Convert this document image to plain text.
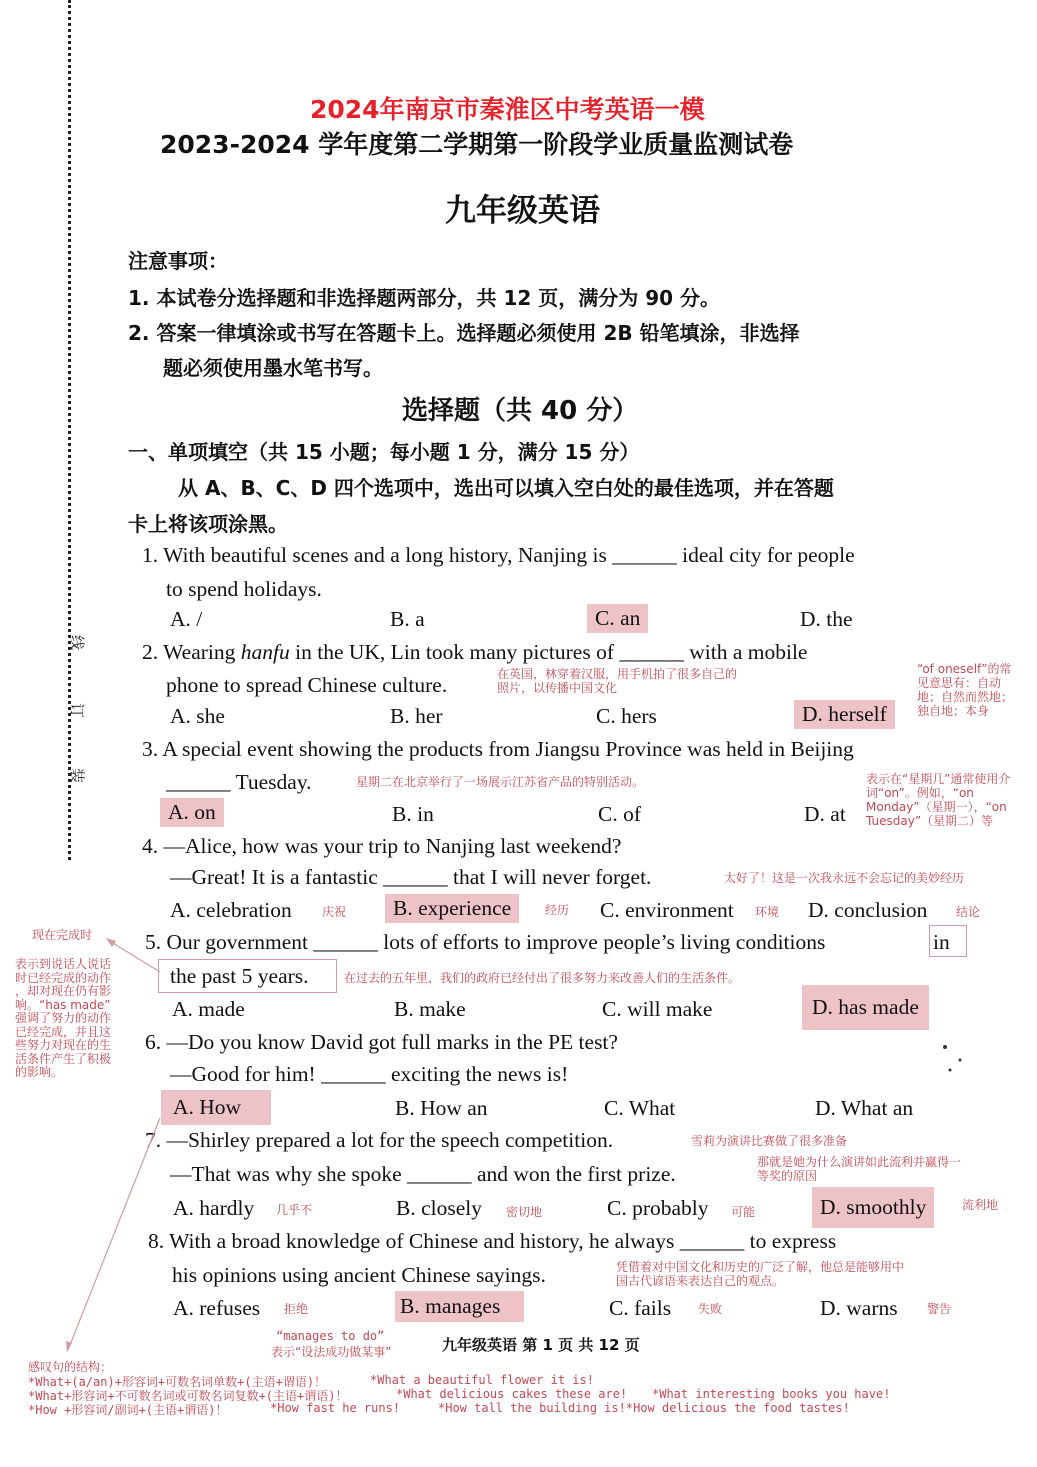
线
订
装
2024年南京市秦淮区中考英语一模
2023-2024 学年度第二学期第一阶段学业质量监测试卷
九年级英语
注意事项：
1. 本试卷分选择题和非选择题两部分，共 12 页，满分为 90 分。
2. 答案一律填涂或书写在答题卡上。选择题必须使用 2B 铅笔填涂，非选择
题必须使用墨水笔书写。
选择题（共 40 分）
一、单项填空（共 15 小题；每小题 1 分，满分 15 分）
从 A、B、C、D 四个选项中，选出可以填入空白处的最佳选项，并在答题
卡上将该项涂黑。
1. With beautiful scenes and a long history, Nanjing is ______ ideal city for people
to spend holidays.
A. /	B. a	C. an	D. the
2. Wearing hanfu in the UK, Lin took many pictures of ______ with a mobile
phone to spread Chinese culture.	在英国，林穿着汉服，用手机拍了很多自己的照片，以传播中国文化
A. she	B. her	C. hers	D. herself
“of oneself”的常见意思有：自动地；自然而然地；独自地；本身
3. A special event showing the products from Jiangsu Province was held in Beijing
______ Tuesday.	星期二在北京举行了一场展示江苏省产品的特别活动。
A. on	B. in	C. of	D. at
表示在“星期几”通常使用介词“on”。例如，“on Monday”（星期一），“on Tuesday”（星期二）等
4. —Alice, how was your trip to Nanjing last weekend?
—Great! It is a fantastic ______ that I will never forget.	太好了！这是一次我永远不会忘记的美妙经历
A. celebration	庆祝	B. experience	经历 C. environment 环境 D. conclusion 结论
现在完成时
表示到说话人说话
时已经完成的动作
，却对现在仍有影
响。“has made”
强调了努力的动作
已经完成，并且这
些努力对现在的生
活条件产生了积极
的影响。
5. Our government ______ lots of efforts to improve people’s living conditions	in
the past 5 years.	在过去的五年里，我们的政府已经付出了很多努力来改善人们的生活条件。
A. made	B. make	C. will make	D. has made
6. —Do you know David got full marks in the PE test?
—Good for him! ______ exciting the news is!
A. How	B. How an	C. What	D. What an
7. —Shirley prepared a lot for the speech competition.	雪莉为演讲比赛做了很多准备
—That was why she spoke ______ and won the first prize.	那就是她为什么演讲如此流利并赢得一
等奖的原因
A. hardly 几乎不	B. closely 密切地	C. probably 可能	D. smoothly	流利地
8. With a broad knowledge of Chinese and history, he always ______ to express
his opinions using ancient Chinese sayings.	凭借着对中国文化和历史的广泛了解，他总是能够用中
国古代谚语来表达自己的观点。
A. refuses 拒绝	B. manages	C. fails 失败	D. warns 警告
“manages to do”
表示“设法成功做某事”	九年级英语 第 1 页 共 12 页
感叹句的结构：
*What+(a/an)+形容词+可数名词单数+(主语+谓语)！	*What a beautiful flower it is!
*What+形容词+不可数名词或可数名词复数+(主语+谓语)！	*What delicious cakes these are! *What interesting books you have!
*How +形容词/副词+(主语+谓语)！	*How fast he runs!	*How tall the building is!*How delicious the food tastes!
